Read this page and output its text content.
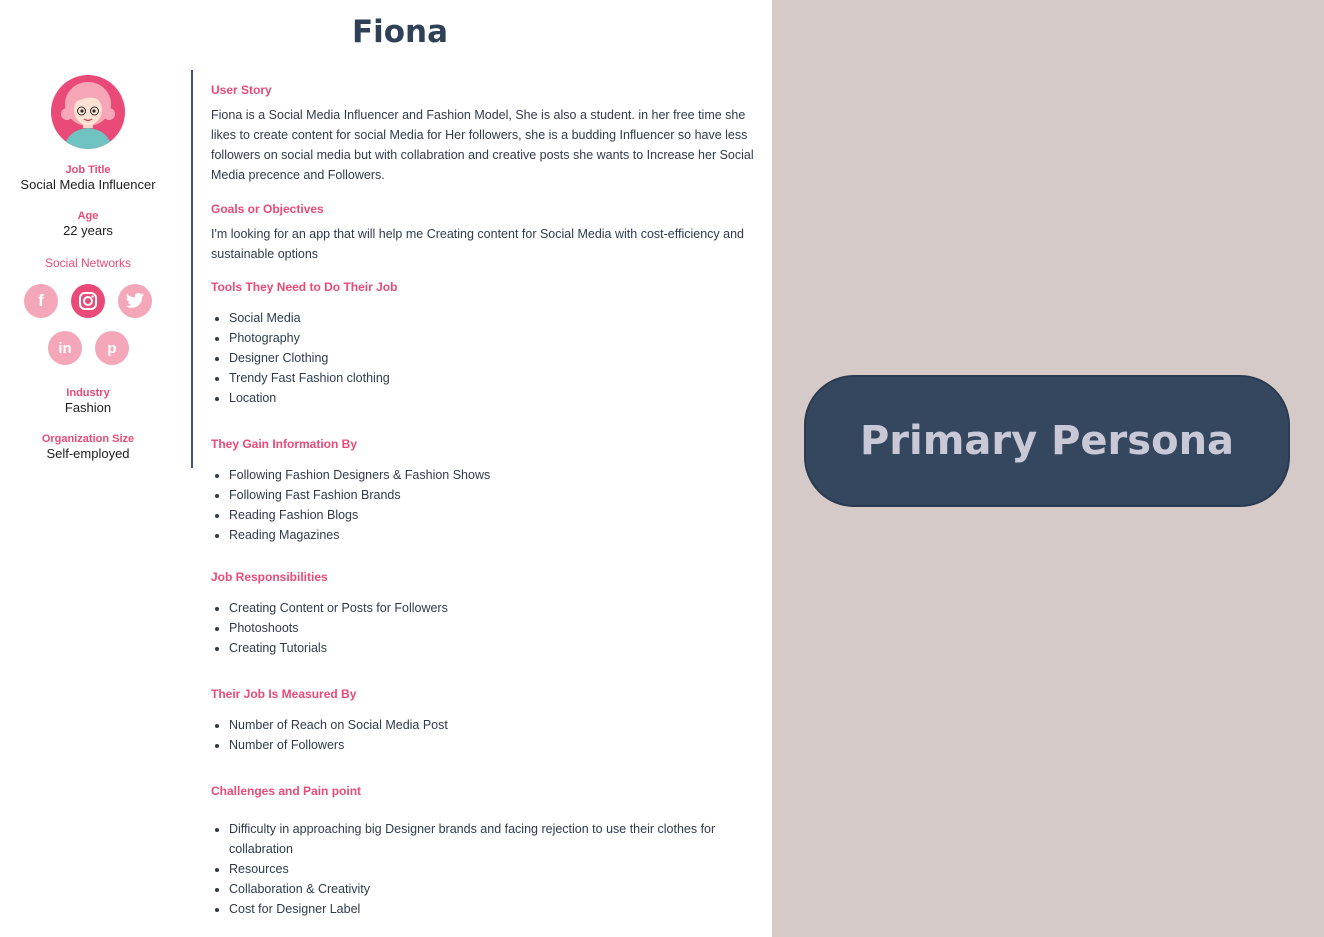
Fiona
Job Title
Social Media Influencer
Age
22 years
Social Networks
f
in p
Industry
Fashion
Organization Size
Self-employed
User Story

Fiona is a Social Media Influencer and Fashion Model, She is also a student. in her free time she likes to create content for social Media for Her followers, she is a budding Influencer so have less followers on social media but with collabration and creative posts she wants to Increase her Social Media precence and Followers.

Goals or Objectives

I'm looking for an app that will help me Creating content for Social Media with cost-efficiency and sustainable options

Tools They Need to Do Their Job
• Social Media
• Photography
• Designer Clothing
• Trendy Fast Fashion clothing
• Location
They Gain Information By
• Following Fashion Designers & Fashion Shows
• Following Fast Fashion Brands
• Reading Fashion Blogs
• Reading Magazines
Job Responsibilities
• Creating Content or Posts for Followers
• Photoshoots
• Creating Tutorials
Their Job Is Measured By
• Number of Reach on Social Media Post
• Number of Followers
Challenges and Pain point
• Difficulty in approaching big Designer brands and facing rejection to use their clothes for collabration
• Resources
• Collaboration & Creativity
• Cost for Designer Label
Primary Persona
